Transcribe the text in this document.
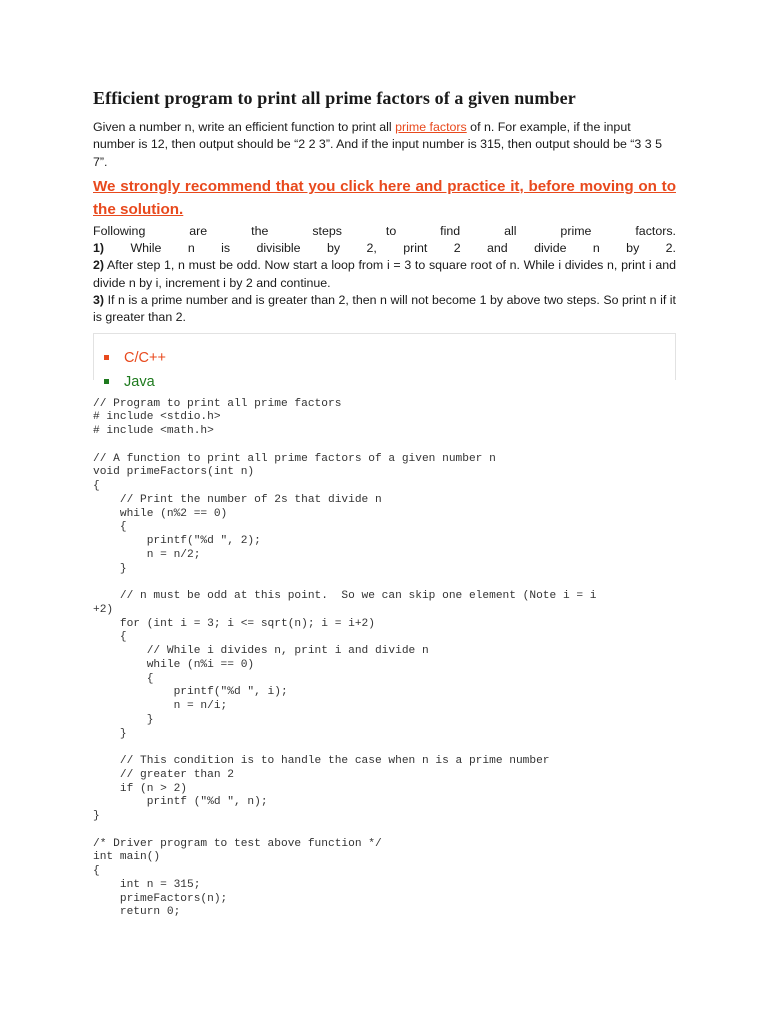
Efficient program to print all prime factors of a given number

Given a number n, write an efficient function to print all prime factors of n. For example, if the input number is 12, then output should be “2 2 3”. And if the input number is 315, then output should be “3 3 5 7”.

We strongly recommend that you click here and practice it, before moving on to the solution.

Following are the steps to find all prime factors.

1) While n is divisible by 2, print 2 and divide n by 2.

2) After step 1, n must be odd. Now start a loop from i = 3 to square root of n. While i divides n, print i and divide n by i, increment i by 2 and continue.

3) If n is a prime number and is greater than 2, then n will not become 1 by above two steps. So print n if it is greater than 2.

C/C++
Java
// Program to print all prime factors
# include <stdio.h>
# include <math.h>

// A function to print all prime factors of a given number n
void primeFactors(int n)
{
// Print the number of 2s that divide n
while (n%2 == 0)
{
printf("%d ", 2);
n = n/2;
}

// n must be odd at this point.  So we can skip one element (Note i = i
+2)
for (int i = 3; i <= sqrt(n); i = i+2)
{
// While i divides n, print i and divide n
while (n%i == 0)
{
printf("%d ", i);
n = n/i;
}
}

// This condition is to handle the case when n is a prime number
// greater than 2
if (n > 2)
printf ("%d ", n);
}

/* Driver program to test above function */
int main()
{
int n = 315;
primeFactors(n);
return 0;
